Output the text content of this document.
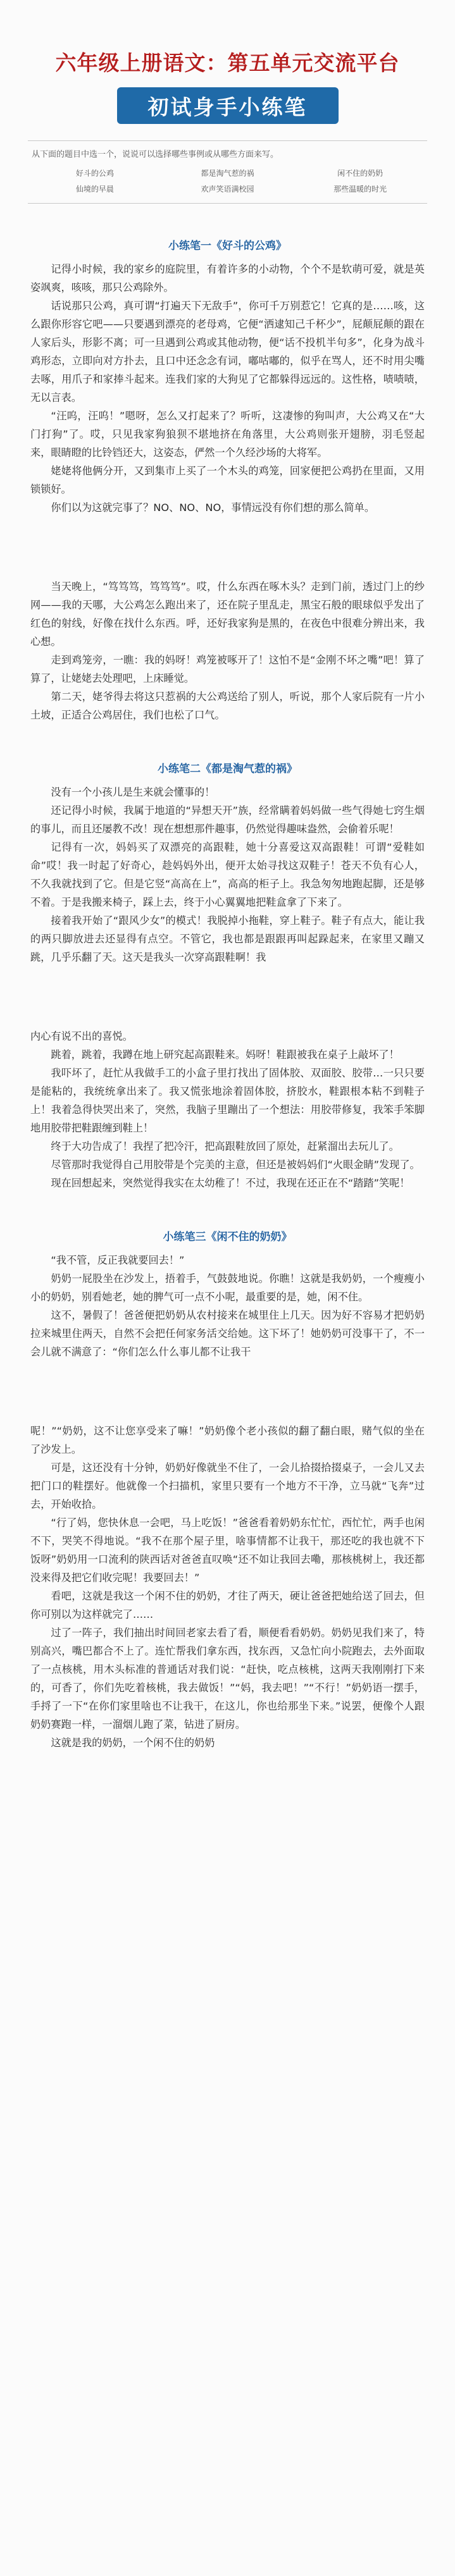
六年级上册语文：第五单元交流平台
初试身手小练笔

从下面的题目中选一个，说说可以选择哪些事例或从哪些方面来写。

好斗的公鸡	都是淘气惹的祸	闲不住的奶奶
仙境的早晨	欢声笑语满校园	那些温暖的时光
小练笔一《好斗的公鸡》

记得小时候，我的家乡的庭院里，有着许多的小动物，个个不是软萌可爱，就是英姿飒爽，咳咳，那只公鸡除外。

话说那只公鸡，真可谓“打遍天下无敌手”，你可千万别惹它！它真的是……咳，这么跟你形容它吧——只要遇到漂亮的老母鸡，它便“洒逮知己千杯少”，屁颠屁颠的跟在人家后头，形影不离；可一旦遇到公鸡或其他动物，便“话不投机半句多”，化身为战斗鸡形态，立即向对方扑去，且口中还念念有词，嘟咕嘟的，似乎在骂人，还不时用尖嘴去啄，用爪子和家捧斗起来。连我们家的大狗见了它都躲得远远的。这性格，啧啧啧，无以言表。

“汪呜，汪呜！”嗯呀，怎么又打起来了？听听，这凄惨的狗叫声，大公鸡又在“大门打狗”了。哎，只见我家狗狼狈不堪地挤在角落里，大公鸡则张开翅膀，羽毛竖起来，眼睛瞪的比铃铛还大，这姿态，俨然一个久经沙场的大将军。

姥姥将他俩分开，又到集市上买了一个木头的鸡笼，回家便把公鸡扔在里面，又用锁锁好。

你们以为这就完事了？NO、NO、NO，事情远没有你们想的那么简单。

当天晚上，“笃笃笃，笃笃笃”。哎，什么东西在啄木头？走到门前，透过门上的纱网——我的天哪，大公鸡怎么跑出来了，还在院子里乱走，黑宝石般的眼球似乎发出了红色的射线，好像在找什么东西。呼，还好我家狗是黑的，在夜色中很难分辨出来，我心想。

走到鸡笼旁，一瞧：我的妈呀！鸡笼被啄开了！这怕不是“金刚不坏之嘴”吧！算了算了，让姥姥去处理吧，上床睡觉。

第二天，姥爷得去将这只惹祸的大公鸡送给了别人，听说，那个人家后院有一片小土坡，正适合公鸡居住，我们也松了口气。

小练笔二《都是淘气惹的祸》

没有一个小孩儿是生来就会懂事的！

还记得小时候，我属于地道的“异想天开”族，经常瞒着妈妈做一些气得她七窍生烟的事儿，而且还屡教不改！现在想想那件趣事，仍然觉得趣味盎然，会偷着乐呢！

记得有一次，妈妈买了双漂亮的高跟鞋，她十分喜爱这双高跟鞋！可谓“爱鞋如命”哎！我一时起了好奇心，趁妈妈外出，便开太始寻找这双鞋子！苍天不负有心人，不久我就找到了它。但是它竖“高高在上”，高高的柜子上。我急匆匆地跑起脚，还是够不着。于是我搬来椅子，踩上去，终于小心翼翼地把鞋盒拿了下来了。

接着我开始了“跟风少女”的模式！我脱掉小拖鞋，穿上鞋子。鞋子有点大，能让我的两只脚放进去还显得有点空。不管它，我也都是跟跟再叫起跺起来，在家里又蹦又跳，几乎乐翻了天。这天是我头一次穿高跟鞋啊！我

内心有说不出的喜悦。

跳着，跳着，我蹲在地上研究起高跟鞋来。妈呀！鞋跟被我在桌子上敲坏了！

我吓坏了，赶忙从我做手工的小盒子里打找出了固体胶、双面胶、胶带…一只只要是能粘的，我统统拿出来了。我又慌张地涂着固体胶，挤胶水，鞋跟根本粘不到鞋子上！我着急得快哭出来了，突然，我脑子里蹦出了一个想法：用胶带修复，我笨手笨脚地用胶带把鞋跟缠到鞋上！

终于大功告成了！我捏了把冷汗，把高跟鞋放回了原处，赶紧溜出去玩儿了。

尽管那时我觉得自己用胶带是个完美的主意，但还是被妈妈们“火眼金睛”发现了。

现在回想起来，突然觉得我实在太幼稚了！不过，我现在还正在不“踏踏”笑呢！

小练笔三《闲不住的奶奶》

“我不管，反正我就要回去！”

奶奶一屁股坐在沙发上，捂着手，气鼓鼓地说。你瞧！这就是我奶奶，一个瘦瘦小小的奶奶，别看她老，她的脾气可一点不小呢，最重要的是，她，闲不住。

这不，暑假了！爸爸便把奶奶从农村接来在城里住上几天。因为好不容易才把奶奶拉来城里住两天，自然不会把任何家务活交给她。这下坏了！她奶奶可没事干了，不一会儿就不满意了：“你们怎么什么事儿都不让我干

呢！”“奶奶，这不让您享受来了嘛！”奶奶像个老小孩似的翻了翻白眼，赌气似的坐在了沙发上。

可是，这还没有十分钟，奶奶好像就坐不住了，一会儿拾掇拾掇桌子，一会儿又去把门口的鞋摆好。他就像一个扫描机，家里只要有一个地方不干净，立马就“飞奔”过去，开始收拾。

“行了妈，您快休息一会吧，马上吃饭！”爸爸看着奶奶东忙忙，西忙忙，两手也闲不下，哭笑不得地说。“我不在那个屋子里，啥事情都不让我干，那还吃的我也就不下饭呀”奶奶用一口流利的陕西话对爸爸直叹唤“还不如让我回去嘞，那核桃树上，我还都没来得及把它们收完呢！我要回去！”

看吧，这就是我这一个闲不住的奶奶，才往了两天，硬让爸爸把她给送了回去，但你可别以为这样就完了……

过了一阵子，我们抽出时间回老家去看了看，顺便看看奶奶。奶奶见我们来了，特别高兴，嘴巴都合不上了。连忙帮我们拿东西，找东西，又急忙向小院跑去，去外面取了一点核桃，用木头标准的普通话对我们说：“赶快，吃点核桃，这两天我刚刚打下来的，可香了，你们先吃着核桃，我去做饭！”“妈，我去吧！”“不行！”奶奶语一摆手，手捋了一下“在你们家里啥也不让我干，在这儿，你也给那坐下来。”说罢，便像个人跟奶奶赛跑一样，一溜烟儿跑了菜，钻进了厨房。

这就是我的奶奶，一个闲不住的奶奶
